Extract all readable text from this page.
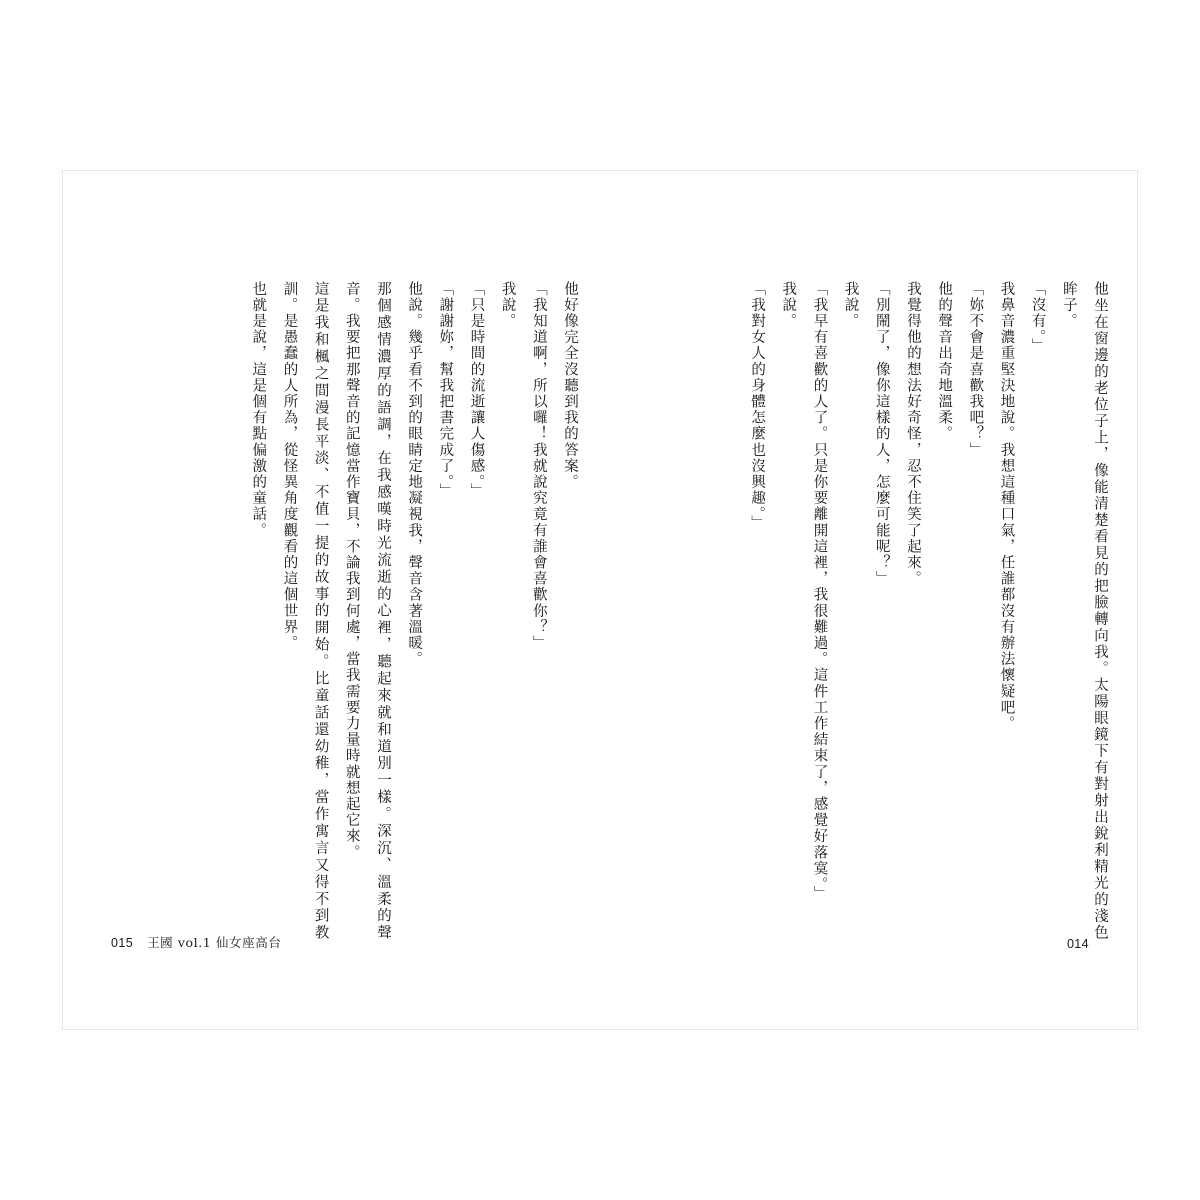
他坐在窗邊的老位子上，像能清楚看見的把臉轉向我。太陽眼鏡下有對射出銳利精光的淺色眸子。

「沒有。」

我鼻音濃重堅決地說。我想這種口氣，任誰都沒有辦法懷疑吧。

「妳不會是喜歡我吧？」

他的聲音出奇地溫柔。

我覺得他的想法好奇怪，忍不住笑了起來。

「別鬧了，像你這樣的人，怎麼可能呢？」

我說。

「我早有喜歡的人了。只是你要離開這裡，我很難過。這件工作結束了，感覺好落寞。」

我說。

「我對女人的身體怎麼也沒興趣。」

他好像完全沒聽到我的答案。

「我知道啊，所以囉！我就說究竟有誰會喜歡你？」

我說。

「只是時間的流逝讓人傷感。」

「謝謝妳，幫我把書完成了。」

他說。幾乎看不到的眼睛定地凝視我，聲音含著溫暖。

那個感情濃厚的語調，在我感嘆時光流逝的心裡，聽起來就和道別一樣。深沉、溫柔的聲音。我要把那聲音的記憶當作寶貝，不論我到何處，當我需要力量時就想起它來。

這是我和楓之間漫長平淡、不值一提的故事的開始。比童話還幼稚，當作寓言又得不到教訓。是愚蠢的人所為，從怪異角度觀看的這個世界。

也就是說，這是個有點偏激的童話。

015 王國 vol.1 仙女座高台	014
